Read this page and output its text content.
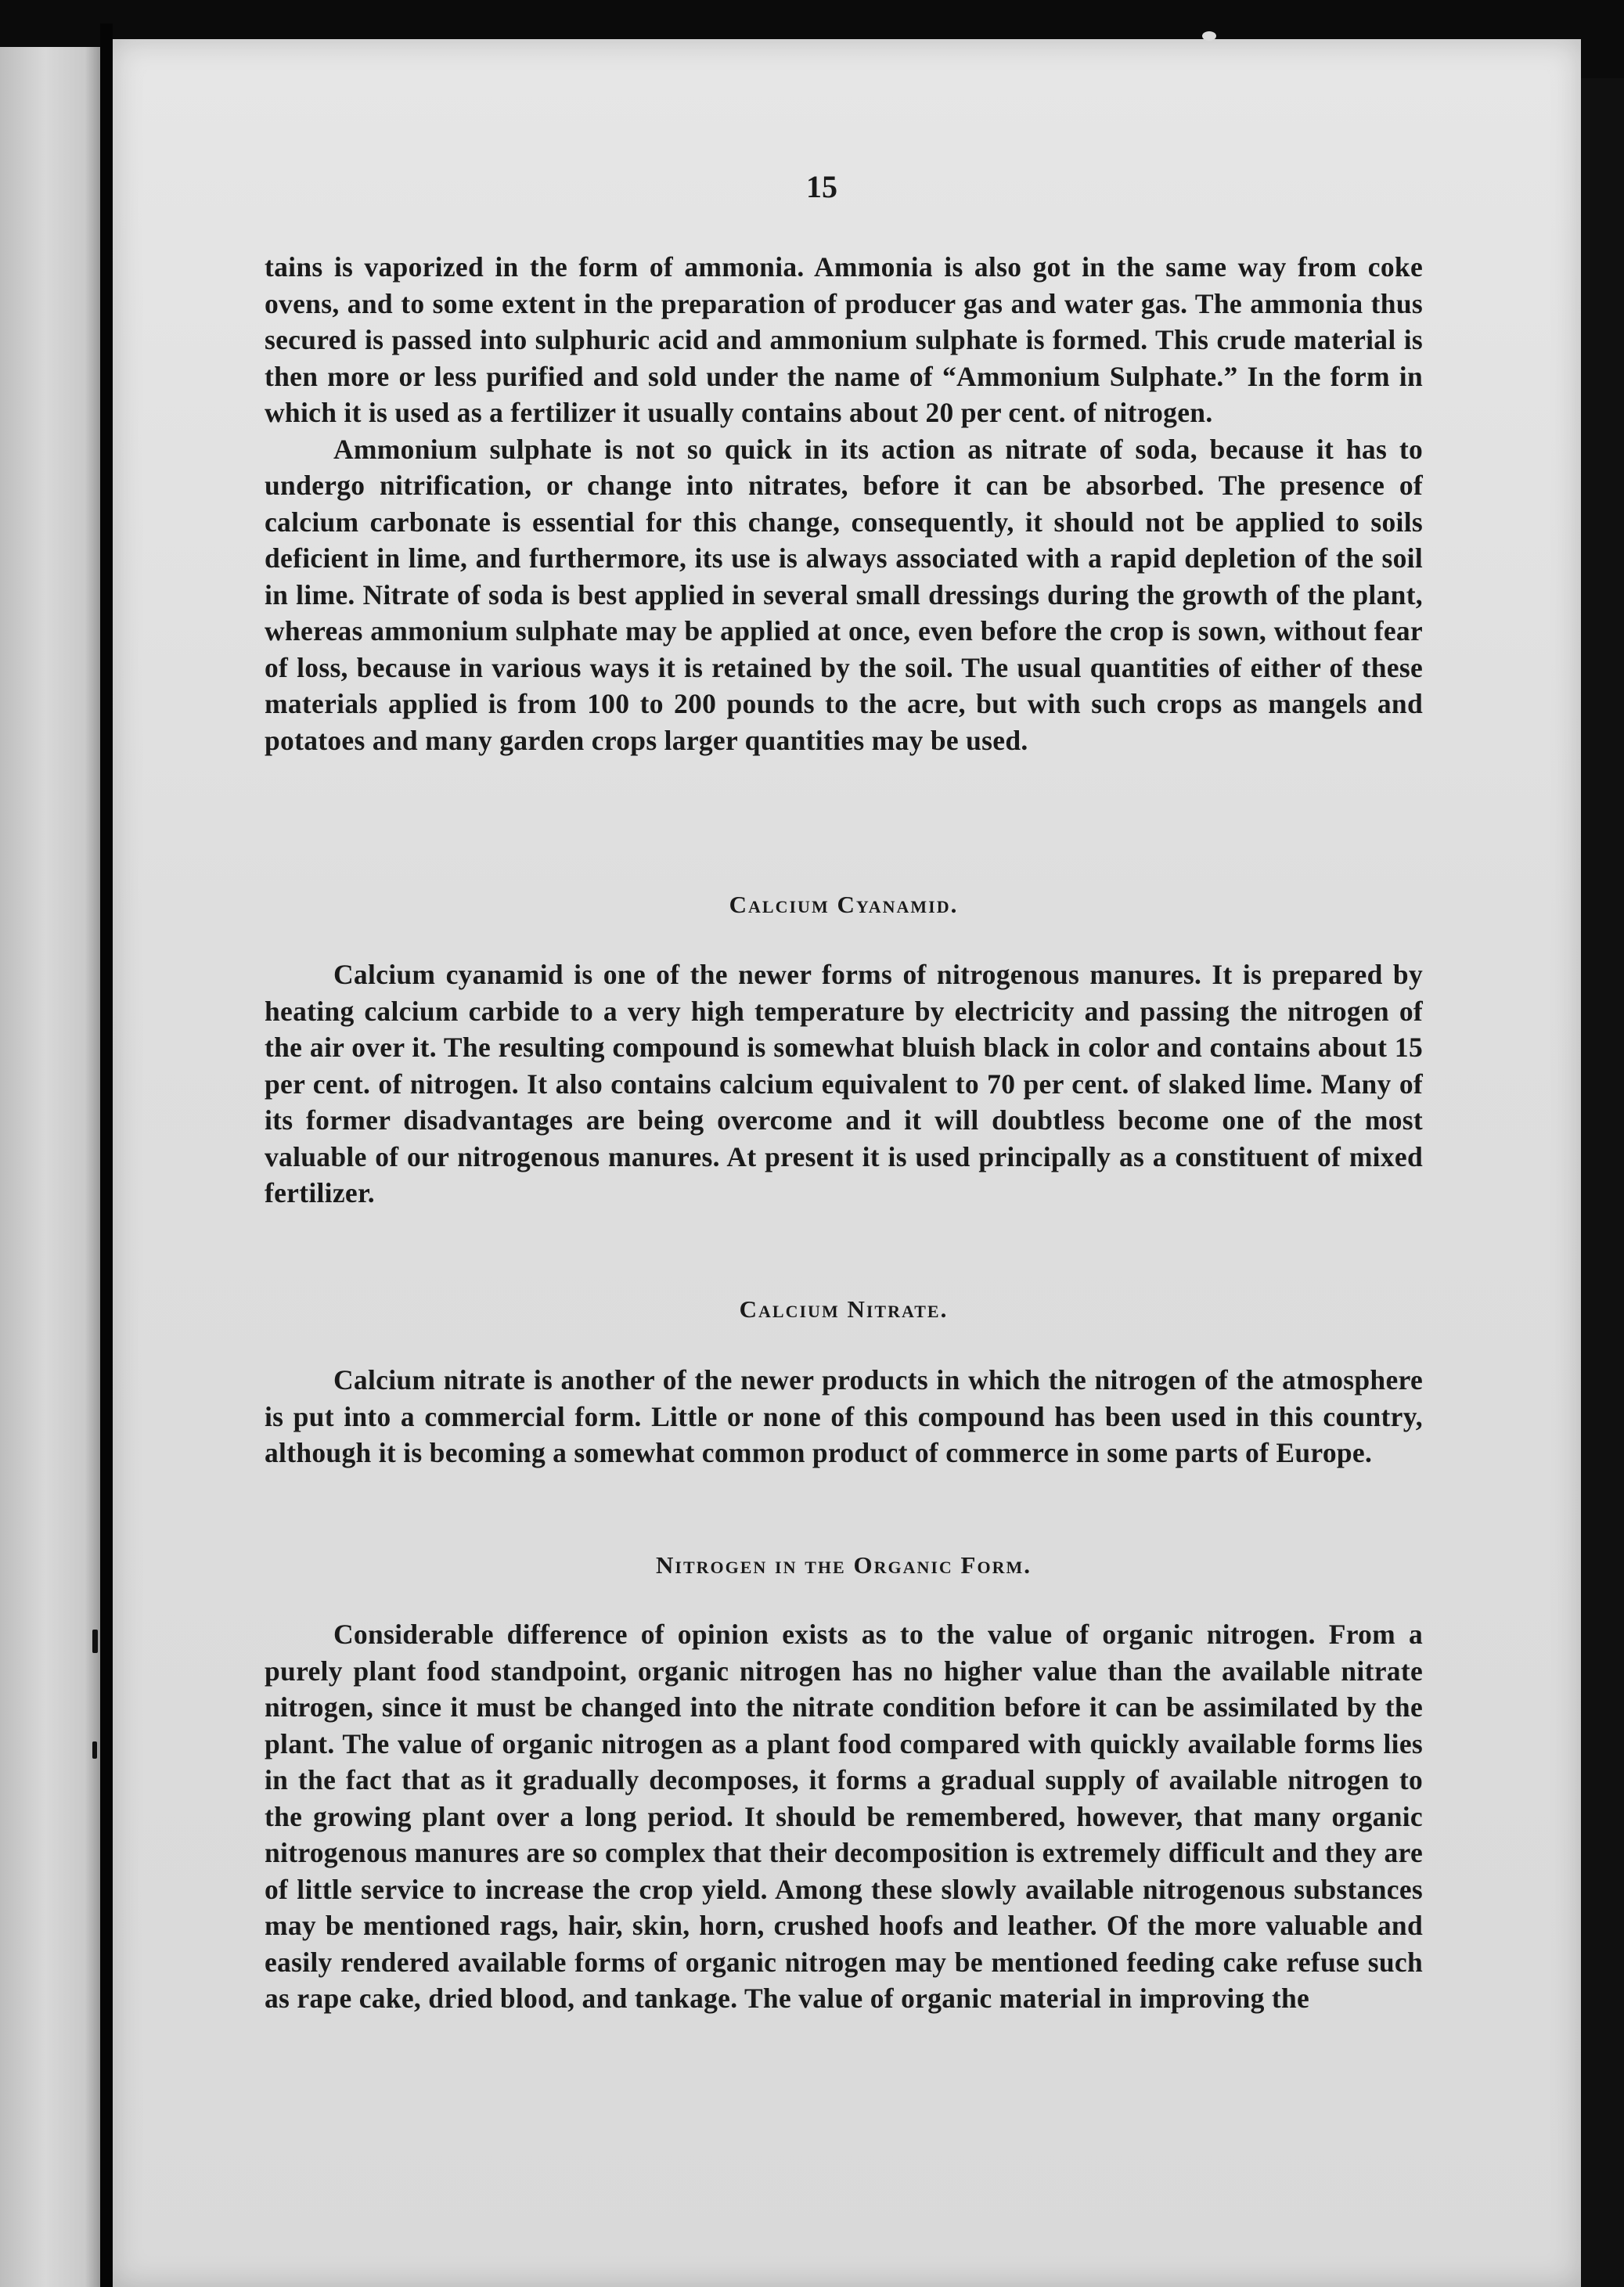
15

tains is vaporized in the form of ammonia. Ammonia is also got in the same way from coke ovens, and to some extent in the preparation of producer gas and water gas. The ammonia thus secured is passed into sulphuric acid and ammonium sulphate is formed. This crude material is then more or less purified and sold under the name of “Ammonium Sulphate.” In the form in which it is used as a fertilizer it usually contains about 20 per cent. of nitrogen.

Ammonium sulphate is not so quick in its action as nitrate of soda, because it has to undergo nitrification, or change into nitrates, before it can be absorbed. The presence of calcium carbonate is essential for this change, consequently, it should not be applied to soils deficient in lime, and furthermore, its use is always associated with a rapid depletion of the soil in lime. Nitrate of soda is best applied in several small dressings during the growth of the plant, whereas ammonium sulphate may be applied at once, even before the crop is sown, without fear of loss, because in various ways it is retained by the soil. The usual quantities of either of these materials applied is from 100 to 200 pounds to the acre, but with such crops as mangels and potatoes and many garden crops larger quantities may be used.

Calcium Cyanamid.

Calcium cyanamid is one of the newer forms of nitrogenous manures. It is prepared by heating calcium carbide to a very high temperature by electricity and passing the nitrogen of the air over it. The resulting compound is somewhat bluish black in color and contains about 15 per cent. of nitrogen. It also contains calcium equivalent to 70 per cent. of slaked lime. Many of its former disadvantages are being overcome and it will doubtless become one of the most valuable of our nitrogenous manures. At present it is used principally as a constituent of mixed fertilizer.

Calcium Nitrate.

Calcium nitrate is another of the newer products in which the nitrogen of the atmosphere is put into a commercial form. Little or none of this compound has been used in this country, although it is becoming a somewhat common product of commerce in some parts of Europe.

Nitrogen in the Organic Form.

Considerable difference of opinion exists as to the value of organic nitrogen. From a purely plant food standpoint, organic nitrogen has no higher value than the available nitrate nitrogen, since it must be changed into the nitrate condition before it can be assimilated by the plant. The value of organic nitrogen as a plant food compared with quickly available forms lies in the fact that as it gradually decomposes, it forms a gradual supply of available nitrogen to the growing plant over a long period. It should be remembered, however, that many organic nitrogenous manures are so complex that their decomposition is extremely difficult and they are of little service to increase the crop yield. Among these slowly available nitrogenous substances may be mentioned rags, hair, skin, horn, crushed hoofs and leather. Of the more valuable and easily rendered available forms of organic nitrogen may be mentioned feeding cake refuse such as rape cake, dried blood, and tankage. The value of organic material in improving the
